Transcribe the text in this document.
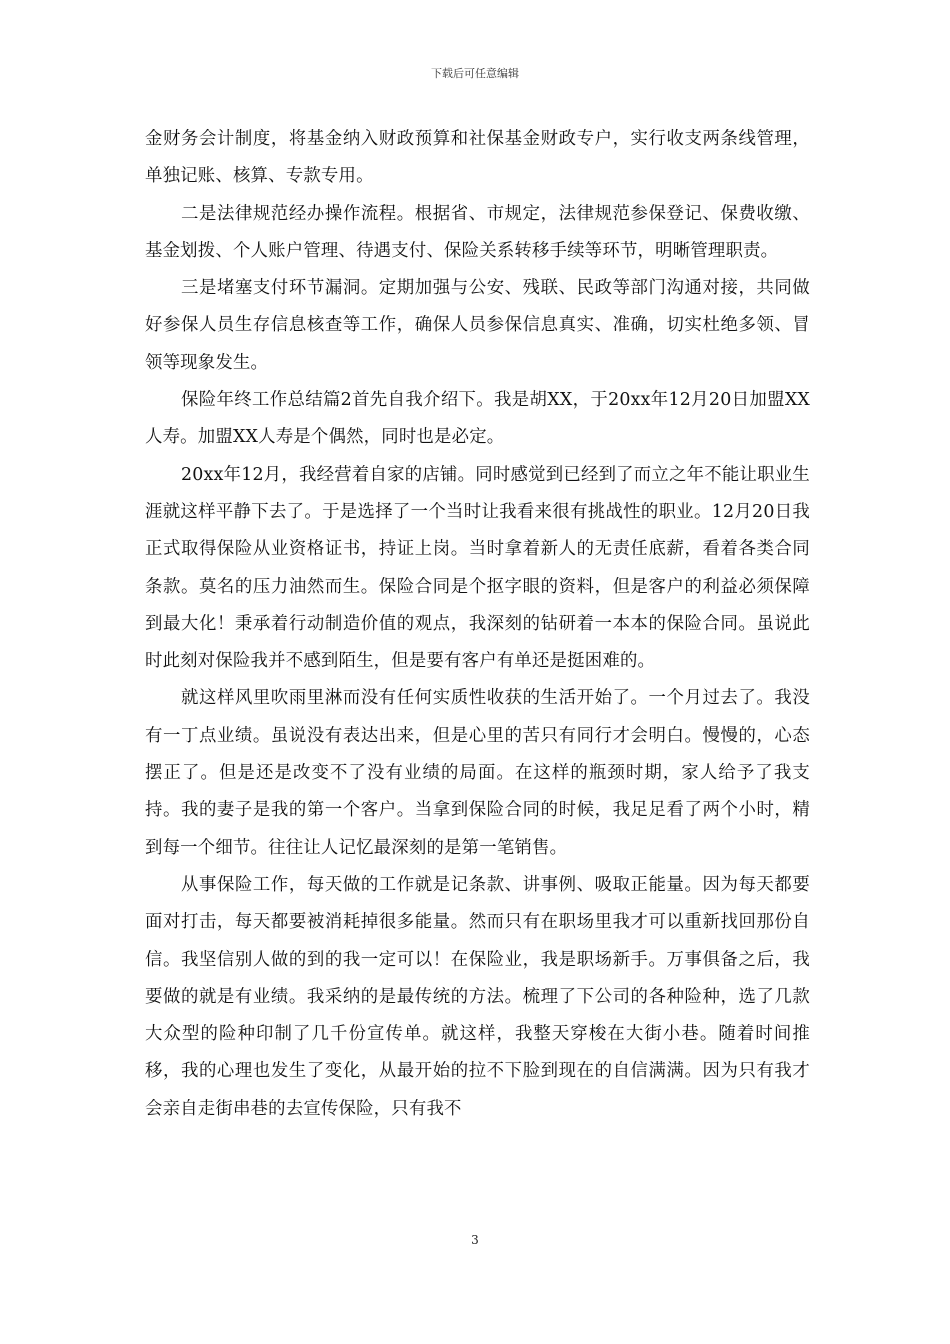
下载后可任意编辑

金财务会计制度，将基金纳入财政预算和社保基金财政专户，实行收支两条线管理，单独记账、核算、专款专用。

二是法律规范经办操作流程。根据省、市规定，法律规范参保登记、保费收缴、基金划拨、个人账户管理、待遇支付、保险关系转移手续等环节，明晰管理职责。

三是堵塞支付环节漏洞。定期加强与公安、残联、民政等部门沟通对接，共同做好参保人员生存信息核查等工作，确保人员参保信息真实、准确，切实杜绝多领、冒领等现象发生。

保险年终工作总结篇2首先自我介绍下。我是胡XX，于20xx年12月20日加盟XX人寿。加盟XX人寿是个偶然，同时也是必定。

20xx年12月，我经营着自家的店铺。同时感觉到已经到了而立之年不能让职业生涯就这样平静下去了。于是选择了一个当时让我看来很有挑战性的职业。12月20日我正式取得保险从业资格证书，持证上岗。当时拿着新人的无责任底薪，看着各类合同条款。莫名的压力油然而生。保险合同是个抠字眼的资料，但是客户的利益必须保障到最大化！秉承着行动制造价值的观点，我深刻的钻研着一本本的保险合同。虽说此时此刻对保险我并不感到陌生，但是要有客户有单还是挺困难的。

就这样风里吹雨里淋而没有任何实质性收获的生活开始了。一个月过去了。我没有一丁点业绩。虽说没有表达出来，但是心里的苦只有同行才会明白。慢慢的，心态摆正了。但是还是改变不了没有业绩的局面。在这样的瓶颈时期，家人给予了我支持。我的妻子是我的第一个客户。当拿到保险合同的时候，我足足看了两个小时，精到每一个细节。往往让人记忆最深刻的是第一笔销售。

从事保险工作，每天做的工作就是记条款、讲事例、吸取正能量。因为每天都要面对打击，每天都要被消耗掉很多能量。然而只有在职场里我才可以重新找回那份自信。我坚信别人做的到的我一定可以！在保险业，我是职场新手。万事俱备之后，我要做的就是有业绩。我采纳的是最传统的方法。梳理了下公司的各种险种，选了几款大众型的险种印制了几千份宣传单。就这样，我整天穿梭在大街小巷。随着时间推移，我的心理也发生了变化，从最开始的拉不下脸到现在的自信满满。因为只有我才会亲自走街串巷的去宣传保险，只有我不

3
